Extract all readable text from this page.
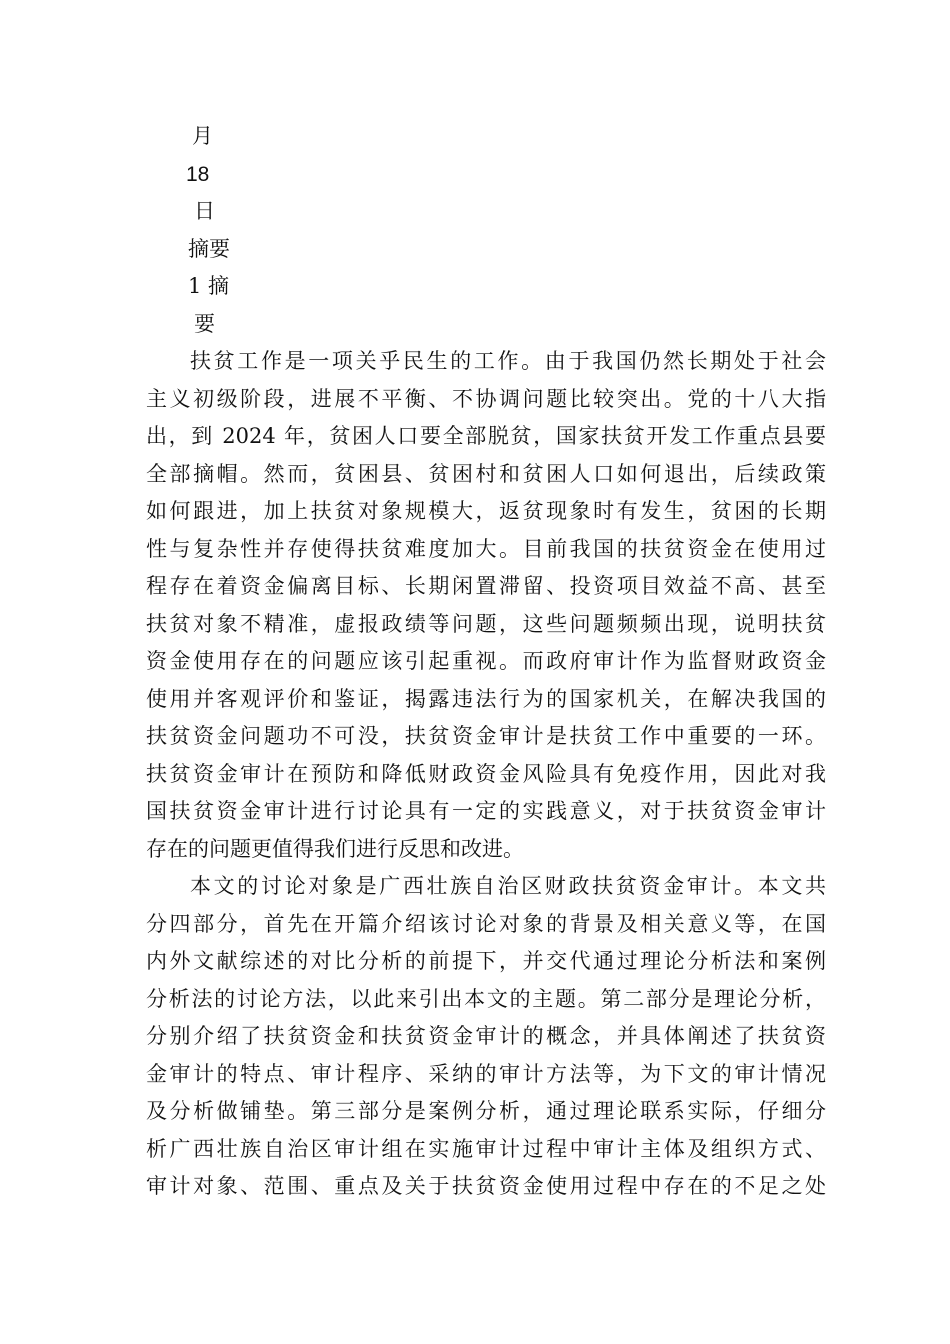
月
18
日
摘要
1 摘
要
扶贫工作是一项关乎民生的工作。由于我国仍然长期处于社会
主义初级阶段，进展不平衡、不协调问题比较突出。党的十八大指
出，到 2024 年，贫困人口要全部脱贫，国家扶贫开发工作重点县要
全部摘帽。然而，贫困县、贫困村和贫困人口如何退出，后续政策
如何跟进，加上扶贫对象规模大，返贫现象时有发生，贫困的长期
性与复杂性并存使得扶贫难度加大。目前我国的扶贫资金在使用过
程存在着资金偏离目标、长期闲置滞留、投资项目效益不高、甚至
扶贫对象不精准，虚报政绩等问题，这些问题频频出现，说明扶贫
资金使用存在的问题应该引起重视。而政府审计作为监督财政资金
使用并客观评价和鉴证，揭露违法行为的国家机关，在解决我国的
扶贫资金问题功不可没，扶贫资金审计是扶贫工作中重要的一环。
扶贫资金审计在预防和降低财政资金风险具有免疫作用，因此对我
国扶贫资金审计进行讨论具有一定的实践意义，对于扶贫资金审计
存在的问题更值得我们进行反思和改进。
本文的讨论对象是广西壮族自治区财政扶贫资金审计。本文共
分四部分，首先在开篇介绍该讨论对象的背景及相关意义等，在国
内外文献综述的对比分析的前提下，并交代通过理论分析法和案例
分析法的讨论方法，以此来引出本文的主题。第二部分是理论分析，
分别介绍了扶贫资金和扶贫资金审计的概念，并具体阐述了扶贫资
金审计的特点、审计程序、采纳的审计方法等，为下文的审计情况
及分析做铺垫。第三部分是案例分析，通过理论联系实际，仔细分
析广西壮族自治区审计组在实施审计过程中审计主体及组织方式、
审计对象、范围、重点及关于扶贫资金使用过程中存在的不足之处
